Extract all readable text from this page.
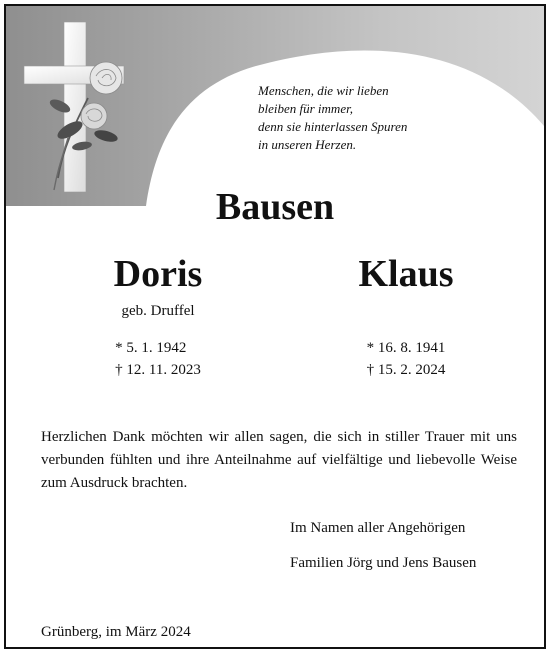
Menschen, die wir lieben
bleiben für immer,
denn sie hinterlassen Spuren
in unseren Herzen.
Bausen
Doris
geb. Druffel
* 5. 1. 1942
† 12. 11. 2023
Klaus
* 16. 8. 1941
† 15. 2. 2024
Herzlichen Dank möchten wir allen sagen, die sich in stiller Trauer mit uns verbunden fühlten und ihre Anteilnahme auf vielfältige und liebevolle Weise zum Ausdruck brachten.
Im Namen aller Angehörigen
Familien Jörg und Jens Bausen
Grünberg, im März 2024
